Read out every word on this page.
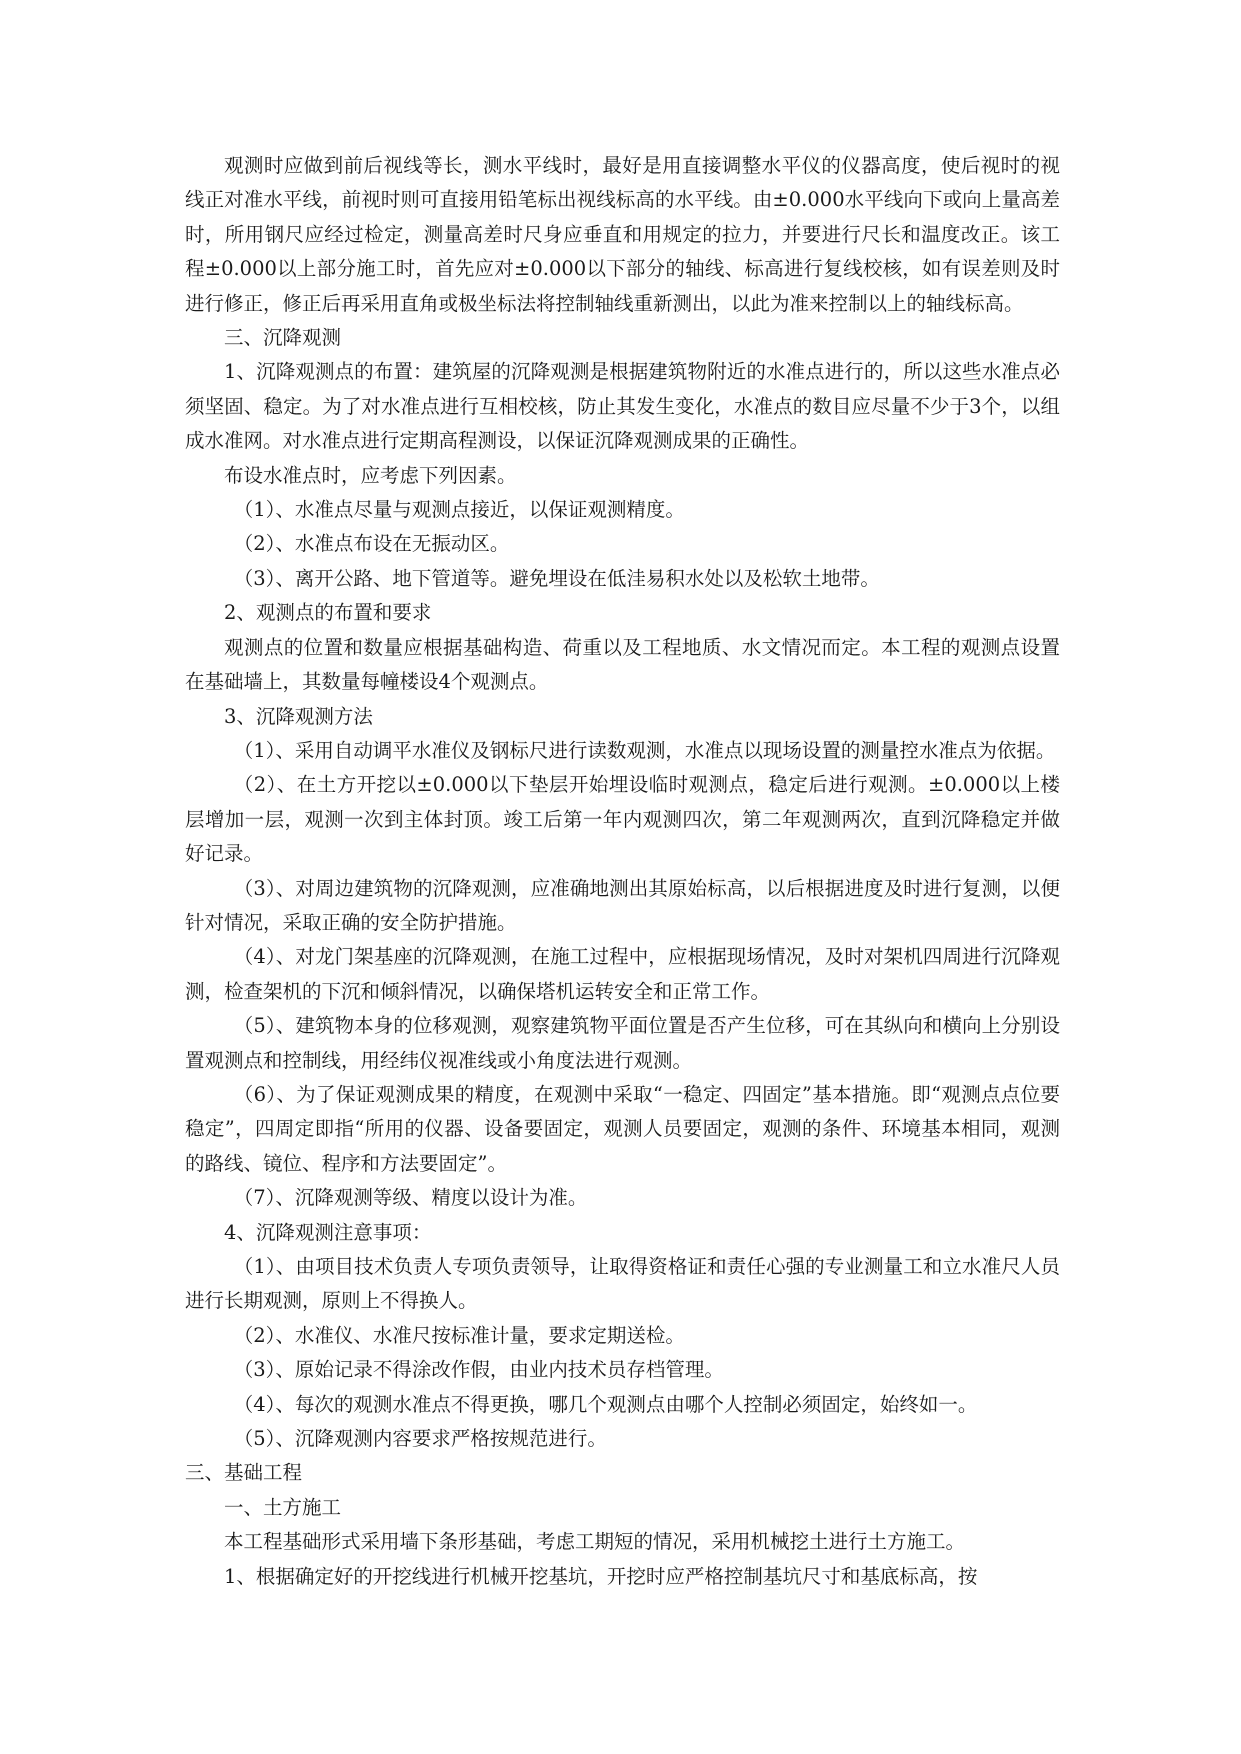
观测时应做到前后视线等长，测水平线时，最好是用直接调整水平仪的仪器高度，使后视时的视线正对准水平线，前视时则可直接用铅笔标出视线标高的水平线。由±0.000水平线向下或向上量高差时，所用钢尺应经过检定，测量高差时尺身应垂直和用规定的拉力，并要进行尺长和温度改正。该工程±0.000以上部分施工时，首先应对±0.000以下部分的轴线、标高进行复线校核，如有误差则及时进行修正，修正后再采用直角或极坐标法将控制轴线重新测出，以此为准来控制以上的轴线标高。

三、沉降观测

1、沉降观测点的布置：建筑屋的沉降观测是根据建筑物附近的水准点进行的，所以这些水准点必须坚固、稳定。为了对水准点进行互相校核，防止其发生变化，水准点的数目应尽量不少于3个，以组成水准网。对水准点进行定期高程测设，以保证沉降观测成果的正确性。

布设水准点时，应考虑下列因素。

（1）、水准点尽量与观测点接近，以保证观测精度。

（2）、水准点布设在无振动区。

（3）、离开公路、地下管道等。避免埋设在低洼易积水处以及松软土地带。

2、观测点的布置和要求

观测点的位置和数量应根据基础构造、荷重以及工程地质、水文情况而定。本工程的观测点设置在基础墙上，其数量每幢楼设4个观测点。

3、沉降观测方法

（1）、采用自动调平水准仪及钢标尺进行读数观测，水准点以现场设置的测量控水准点为依据。

（2）、在土方开挖以±0.000以下垫层开始埋设临时观测点，稳定后进行观测。±0.000以上楼层增加一层，观测一次到主体封顶。竣工后第一年内观测四次，第二年观测两次，直到沉降稳定并做好记录。

（3）、对周边建筑物的沉降观测，应准确地测出其原始标高，以后根据进度及时进行复测，以便针对情况，采取正确的安全防护措施。

（4）、对龙门架基座的沉降观测，在施工过程中，应根据现场情况，及时对架机四周进行沉降观测，检查架机的下沉和倾斜情况，以确保塔机运转安全和正常工作。

（5）、建筑物本身的位移观测，观察建筑物平面位置是否产生位移，可在其纵向和横向上分别设置观测点和控制线，用经纬仪视准线或小角度法进行观测。

（6）、为了保证观测成果的精度，在观测中采取“一稳定、四固定”基本措施。即“观测点点位要稳定”，四周定即指“所用的仪器、设备要固定，观测人员要固定，观测的条件、环境基本相同，观测的路线、镜位、程序和方法要固定”。

（7）、沉降观测等级、精度以设计为准。

4、沉降观测注意事项：

（1）、由项目技术负责人专项负责领导，让取得资格证和责任心强的专业测量工和立水准尺人员进行长期观测，原则上不得换人。

（2）、水准仪、水准尺按标准计量，要求定期送检。

（3）、原始记录不得涂改作假，由业内技术员存档管理。

（4）、每次的观测水准点不得更换，哪几个观测点由哪个人控制必须固定，始终如一。

（5）、沉降观测内容要求严格按规范进行。

三、基础工程

一、土方施工

本工程基础形式采用墙下条形基础，考虑工期短的情况，采用机械挖土进行土方施工。

1、根据确定好的开挖线进行机械开挖基坑，开挖时应严格控制基坑尺寸和基底标高，按
